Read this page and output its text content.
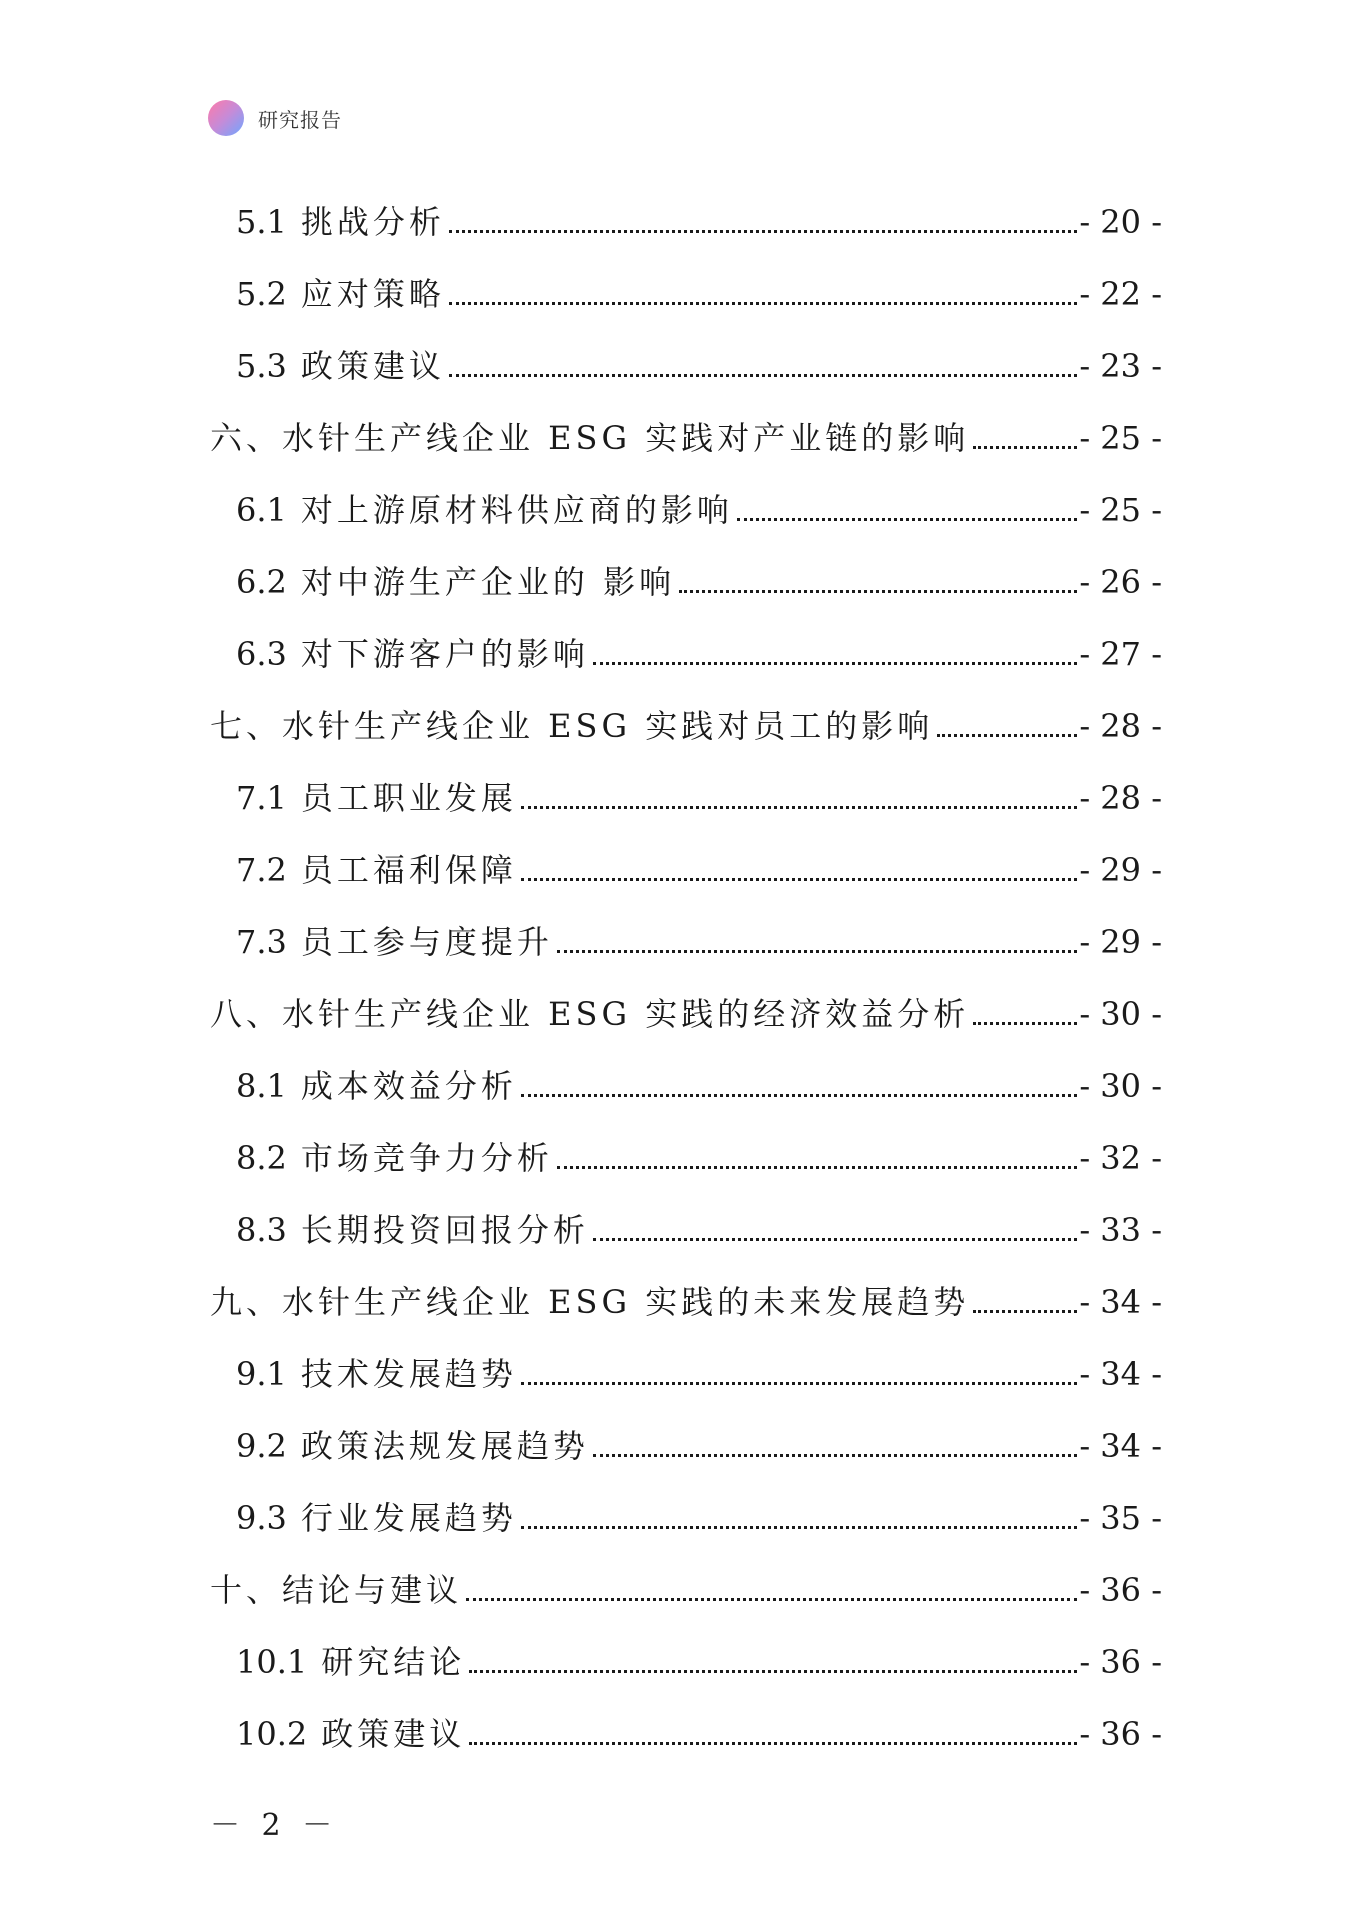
研究报告
5.1 挑战分析	- 20 -
5.2 应对策略	- 22 -
5.3 政策建议	- 23 -
六、水针生产线企业 ESG 实践对产业链的影响	- 25 -
6.1 对上游原材料供应商的影响	- 25 -
6.2 对中游生产企业的 影响	- 26 -
6.3 对下游客户的影响	- 27 -
七、水针生产线企业 ESG 实践对员工的影响	- 28 -
7.1 员工职业发展	- 28 -
7.2 员工福利保障	- 29 -
7.3 员工参与度提升	- 29 -
八、水针生产线企业 ESG 实践的经济效益分析	- 30 -
8.1 成本效益分析	- 30 -
8.2 市场竞争力分析	- 32 -
8.3 长期投资回报分析	- 33 -
九、水针生产线企业 ESG 实践的未来发展趋势	- 34 -
9.1 技术发展趋势	- 34 -
9.2 政策法规发展趋势	- 34 -
9.3 行业发展趋势	- 35 -
十、结论与建议	- 36 -
10.1 研究结论	- 36 -
10.2 政策建议	- 36 -
－ 2 －
